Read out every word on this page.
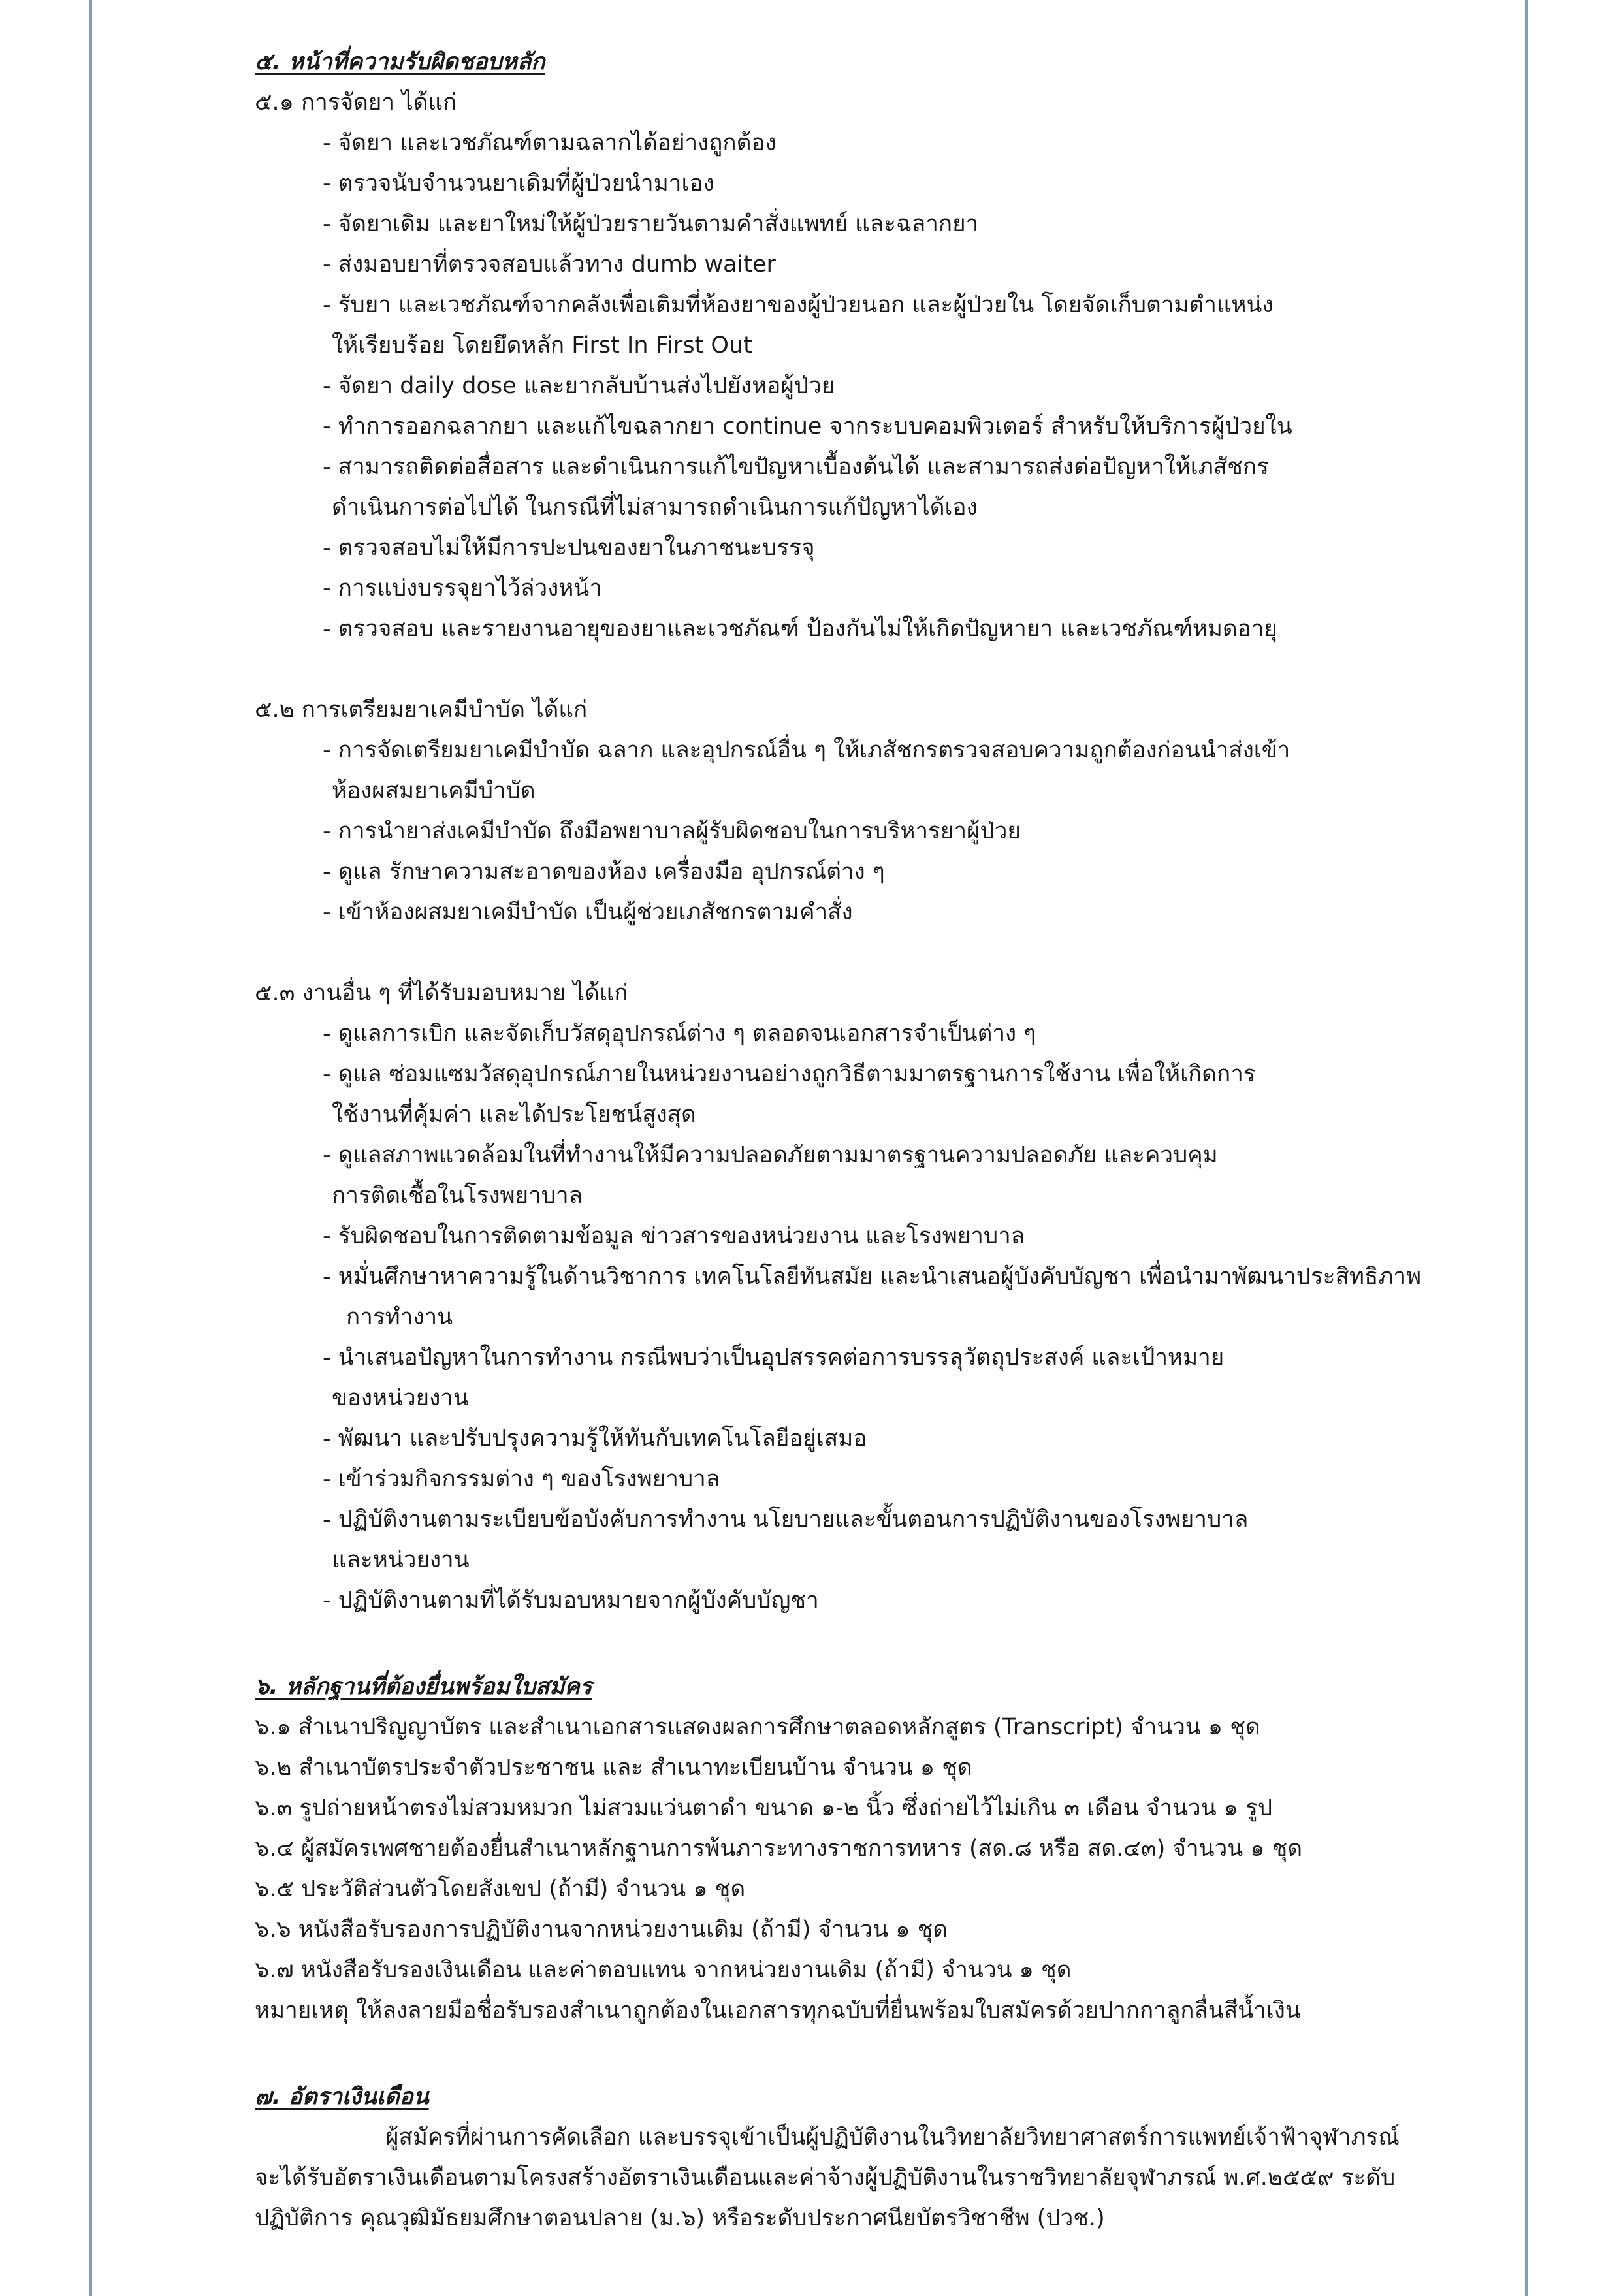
๕. หน้าที่ความรับผิดชอบหลัก
๕.๑ การจัดยา ได้แก่
- จัดยา และเวชภัณฑ์ตามฉลากได้อย่างถูกต้อง
- ตรวจนับจำนวนยาเดิมที่ผู้ป่วยนำมาเอง
- จัดยาเดิม และยาใหม่ให้ผู้ป่วยรายวันตามคำสั่งแพทย์ และฉลากยา
- ส่งมอบยาที่ตรวจสอบแล้วทาง dumb waiter
- รับยา และเวชภัณฑ์จากคลังเพื่อเติมที่ห้องยาของผู้ป่วยนอก และผู้ป่วยใน โดยจัดเก็บตามตำแหน่ง
ให้เรียบร้อย โดยยึดหลัก First In First Out
- จัดยา daily dose และยากลับบ้านส่งไปยังหอผู้ป่วย
- ทำการออกฉลากยา และแก้ไขฉลากยา continue จากระบบคอมพิวเตอร์ สำหรับให้บริการผู้ป่วยใน
- สามารถติดต่อสื่อสาร และดำเนินการแก้ไขปัญหาเบื้องต้นได้ และสามารถส่งต่อปัญหาให้เภสัชกร
ดำเนินการต่อไปได้ ในกรณีที่ไม่สามารถดำเนินการแก้ปัญหาได้เอง
- ตรวจสอบไม่ให้มีการปะปนของยาในภาชนะบรรจุ
- การแบ่งบรรจุยาไว้ล่วงหน้า
- ตรวจสอบ และรายงานอายุของยาและเวชภัณฑ์ ป้องกันไม่ให้เกิดปัญหายา และเวชภัณฑ์หมดอายุ
๕.๒ การเตรียมยาเคมีบำบัด ได้แก่
- การจัดเตรียมยาเคมีบำบัด ฉลาก และอุปกรณ์อื่น ๆ ให้เภสัชกรตรวจสอบความถูกต้องก่อนนำส่งเข้า
ห้องผสมยาเคมีบำบัด
- การนำยาส่งเคมีบำบัด ถึงมือพยาบาลผู้รับผิดชอบในการบริหารยาผู้ป่วย
- ดูแล รักษาความสะอาดของห้อง เครื่องมือ อุปกรณ์ต่าง ๆ
- เข้าห้องผสมยาเคมีบำบัด เป็นผู้ช่วยเภสัชกรตามคำสั่ง
๕.๓ งานอื่น ๆ ที่ได้รับมอบหมาย ได้แก่
- ดูแลการเบิก และจัดเก็บวัสดุอุปกรณ์ต่าง ๆ ตลอดจนเอกสารจำเป็นต่าง ๆ
- ดูแล ซ่อมแซมวัสดุอุปกรณ์ภายในหน่วยงานอย่างถูกวิธีตามมาตรฐานการใช้งาน เพื่อให้เกิดการ
ใช้งานที่คุ้มค่า และได้ประโยชน์สูงสุด
- ดูแลสภาพแวดล้อมในที่ทำงานให้มีความปลอดภัยตามมาตรฐานความปลอดภัย และควบคุม
การติดเชื้อในโรงพยาบาล
- รับผิดชอบในการติดตามข้อมูล ข่าวสารของหน่วยงาน และโรงพยาบาล
- หมั่นศึกษาหาความรู้ในด้านวิชาการ เทคโนโลยีทันสมัย และนำเสนอผู้บังคับบัญชา เพื่อนำมาพัฒนาประสิทธิภาพ
การทำงาน
- นำเสนอปัญหาในการทำงาน กรณีพบว่าเป็นอุปสรรคต่อการบรรลุวัตถุประสงค์ และเป้าหมาย
ของหน่วยงาน
- พัฒนา และปรับปรุงความรู้ให้ทันกับเทคโนโลยีอยู่เสมอ
- เข้าร่วมกิจกรรมต่าง ๆ ของโรงพยาบาล
- ปฏิบัติงานตามระเบียบข้อบังคับการทำงาน นโยบายและขั้นตอนการปฏิบัติงานของโรงพยาบาล
และหน่วยงาน
- ปฏิบัติงานตามที่ได้รับมอบหมายจากผู้บังคับบัญชา
๖. หลักฐานที่ต้องยื่นพร้อมใบสมัคร
๖.๑ สำเนาปริญญาบัตร และสำเนาเอกสารแสดงผลการศึกษาตลอดหลักสูตร (Transcript) จำนวน ๑ ชุด
๖.๒ สำเนาบัตรประจำตัวประชาชน และ สำเนาทะเบียนบ้าน จำนวน ๑ ชุด
๖.๓ รูปถ่ายหน้าตรงไม่สวมหมวก ไม่สวมแว่นตาดำ ขนาด ๑-๒ นิ้ว ซึ่งถ่ายไว้ไม่เกิน ๓ เดือน จำนวน ๑ รูป
๖.๔ ผู้สมัครเพศชายต้องยื่นสำเนาหลักฐานการพ้นภาระทางราชการทหาร (สด.๘ หรือ สด.๔๓) จำนวน ๑ ชุด
๖.๕ ประวัติส่วนตัวโดยสังเขป (ถ้ามี) จำนวน ๑ ชุด
๖.๖ หนังสือรับรองการปฏิบัติงานจากหน่วยงานเดิม (ถ้ามี) จำนวน ๑ ชุด
๖.๗ หนังสือรับรองเงินเดือน และค่าตอบแทน จากหน่วยงานเดิม (ถ้ามี) จำนวน ๑ ชุด
หมายเหตุ ให้ลงลายมือชื่อรับรองสำเนาถูกต้องในเอกสารทุกฉบับที่ยื่นพร้อมใบสมัครด้วยปากกาลูกลื่นสีน้ำเงิน
๗. อัตราเงินเดือน
ผู้สมัครที่ผ่านการคัดเลือก และบรรจุเข้าเป็นผู้ปฏิบัติงานในวิทยาลัยวิทยาศาสตร์การแพทย์เจ้าฟ้าจุฬาภรณ์
จะได้รับอัตราเงินเดือนตามโครงสร้างอัตราเงินเดือนและค่าจ้างผู้ปฏิบัติงานในราชวิทยาลัยจุฬาภรณ์ พ.ศ.๒๕๕๙ ระดับ
ปฏิบัติการ คุณวุฒิมัธยมศึกษาตอนปลาย (ม.๖) หรือระดับประกาศนียบัตรวิชาชีพ (ปวช.)
